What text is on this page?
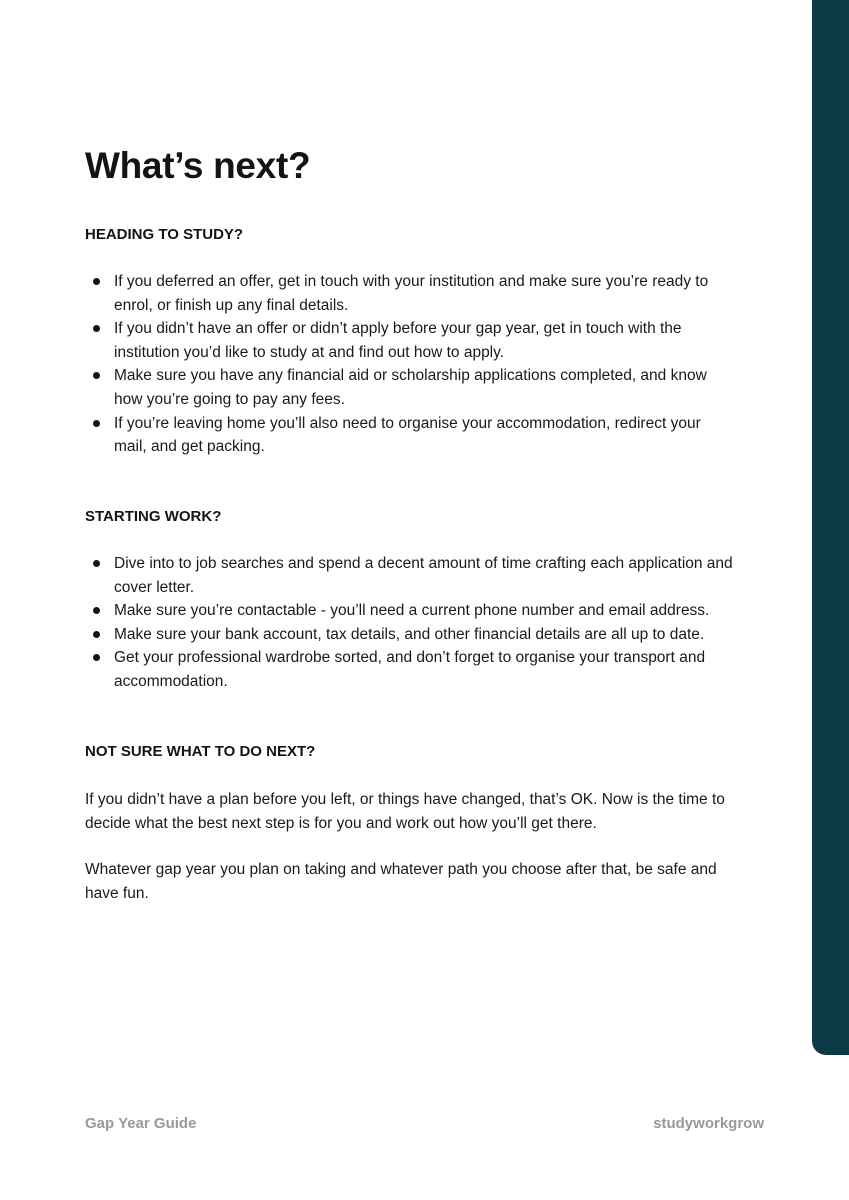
What’s next?
HEADING TO STUDY?
If you deferred an offer, get in touch with your institution and make sure you’re ready to enrol, or finish up any final details.
If you didn’t have an offer or didn’t apply before your gap year, get in touch with the institution you’d like to study at and find out how to apply.
Make sure you have any financial aid or scholarship applications completed, and know how you’re going to pay any fees.
If you’re leaving home you’ll also need to organise your accommodation, redirect your mail, and get packing.
STARTING WORK?
Dive into to job searches and spend a decent amount of time crafting each application and cover letter.
Make sure you’re contactable - you’ll need a current phone number and email address.
Make sure your bank account, tax details, and other financial details are all up to date.
Get your professional wardrobe sorted, and don’t forget to organise your transport and accommodation.
NOT SURE WHAT TO DO NEXT?

If you didn’t have a plan before you left, or things have changed, that’s OK. Now is the time to decide what the best next step is for you and work out how you’ll get there.

Whatever gap year you plan on taking and whatever path you choose after that, be safe and have fun.

Gap Year Guide	studyworkgrow
